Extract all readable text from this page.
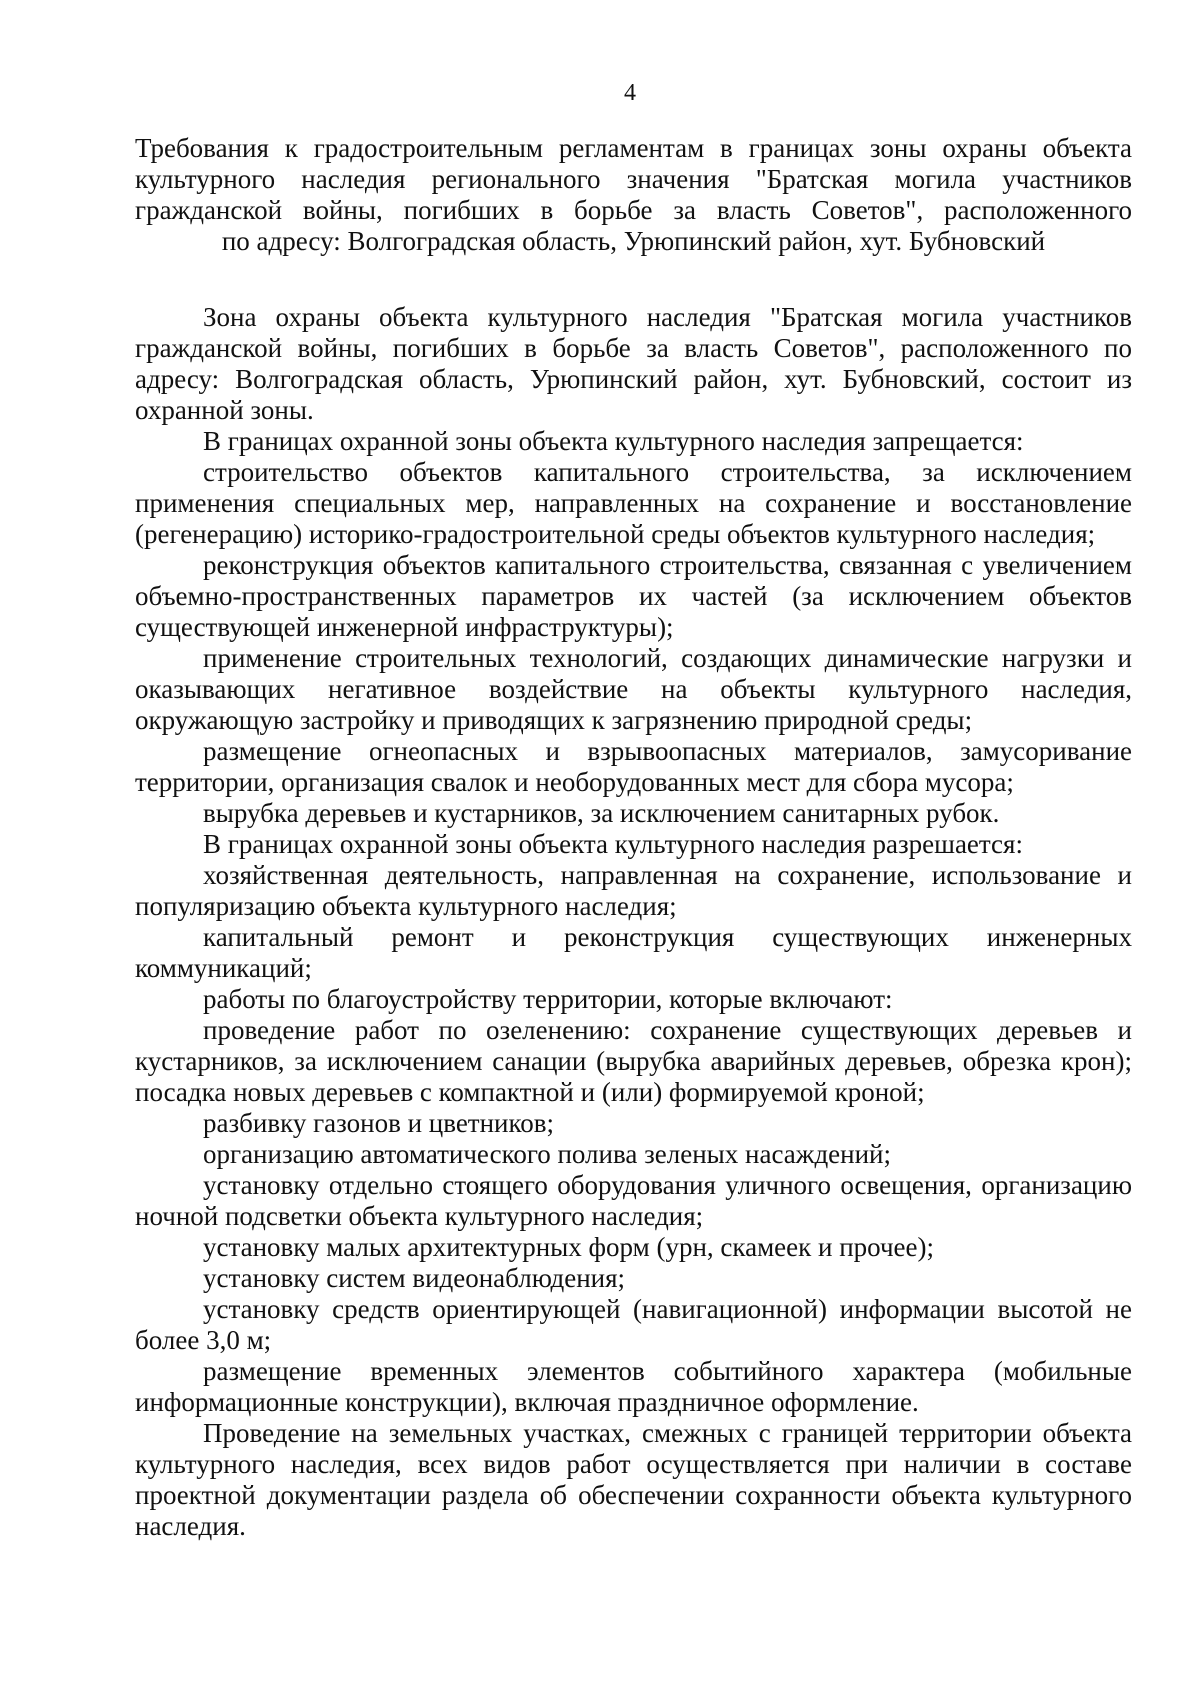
4

Требования к градостроительным регламентам в границах зоны охраны объекта

культурного наследия регионального значения "Братская могила участников

гражданской войны, погибших в борьбе за власть Советов", расположенного

по адресу: Волгоградская область, Урюпинский район, хут. Бубновский

Зона охраны объекта культурного наследия "Братская могила участников гражданской войны, погибших в борьбе за власть Советов", расположенного по адресу: Волгоградская область, Урюпинский район, хут. Бубновский, состоит из охранной зоны.

В границах охранной зоны объекта культурного наследия запрещается:

строительство объектов капитального строительства, за исключением применения специальных мер, направленных на сохранение и восстановление (регенерацию) историко-градостроительной среды объектов культурного наследия;

реконструкция объектов капитального строительства, связанная с увеличением объемно-пространственных параметров их частей (за исключением объектов существующей инженерной инфраструктуры);

применение строительных технологий, создающих динамические нагрузки и оказывающих негативное воздействие на объекты культурного наследия, окружающую застройку и приводящих к загрязнению природной среды;

размещение огнеопасных и взрывоопасных материалов, замусоривание территории, организация свалок и необорудованных мест для сбора мусора;

вырубка деревьев и кустарников, за исключением санитарных рубок.

В границах охранной зоны объекта культурного наследия разрешается:

хозяйственная деятельность, направленная на сохранение, использование и популяризацию объекта культурного наследия;

капитальный ремонт и реконструкция существующих инженерных коммуникаций;

работы по благоустройству территории, которые включают:

проведение работ по озеленению: сохранение существующих деревьев и кустарников, за исключением санации (вырубка аварийных деревьев, обрезка крон); посадка новых деревьев с компактной и (или) формируемой кроной;

разбивку газонов и цветников;

организацию автоматического полива зеленых насаждений;

установку отдельно стоящего оборудования уличного освещения, организацию ночной подсветки объекта культурного наследия;

установку малых архитектурных форм (урн, скамеек и прочее);

установку систем видеонаблюдения;

установку средств ориентирующей (навигационной) информации высотой не более 3,0 м;

размещение временных элементов событийного характера (мобильные информационные конструкции), включая праздничное оформление.

Проведение на земельных участках, смежных с границей территории объекта культурного наследия, всех видов работ осуществляется при наличии в составе проектной документации раздела об обеспечении сохранности объекта культурного наследия.
